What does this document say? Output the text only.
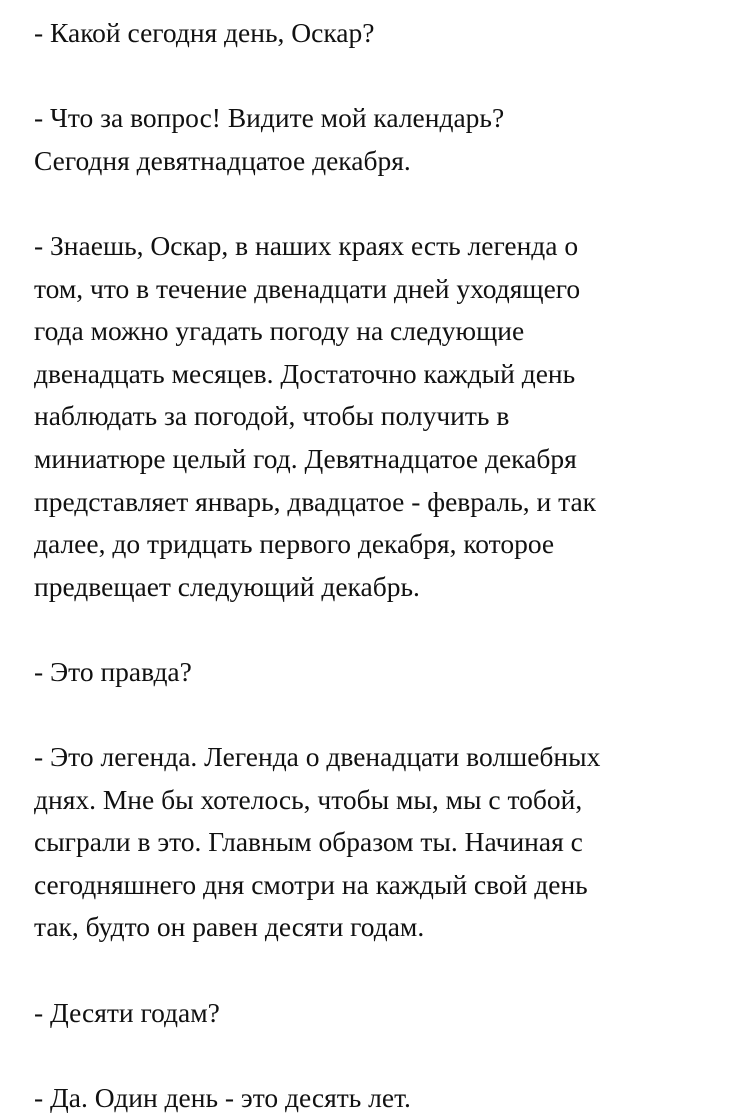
- Какой сегодня день, Оскар?

- Что за вопрос! Видите мой календарь?
Сегодня девятнадцатое декабря.

- Знаешь, Оскар, в наших краях есть легенда о
том, что в течение двенадцати дней уходящего
года можно угадать погоду на следующие
двенадцать месяцев. Достаточно каждый день
наблюдать за погодой, чтобы получить в
миниатюре целый год. Девятнадцатое декабря
представляет январь, двадцатое - февраль, и так
далее, до тридцать первого декабря, которое
предвещает следующий декабрь.

- Это правда?

- Это легенда. Легенда о двенадцати волшебных
днях. Мне бы хотелось, чтобы мы, мы с тобой,
сыграли в это. Главным образом ты. Начиная с
сегодняшнего дня смотри на каждый свой день
так, будто он равен десяти годам.

- Десяти годам?

- Да. Один день - это десять лет.
